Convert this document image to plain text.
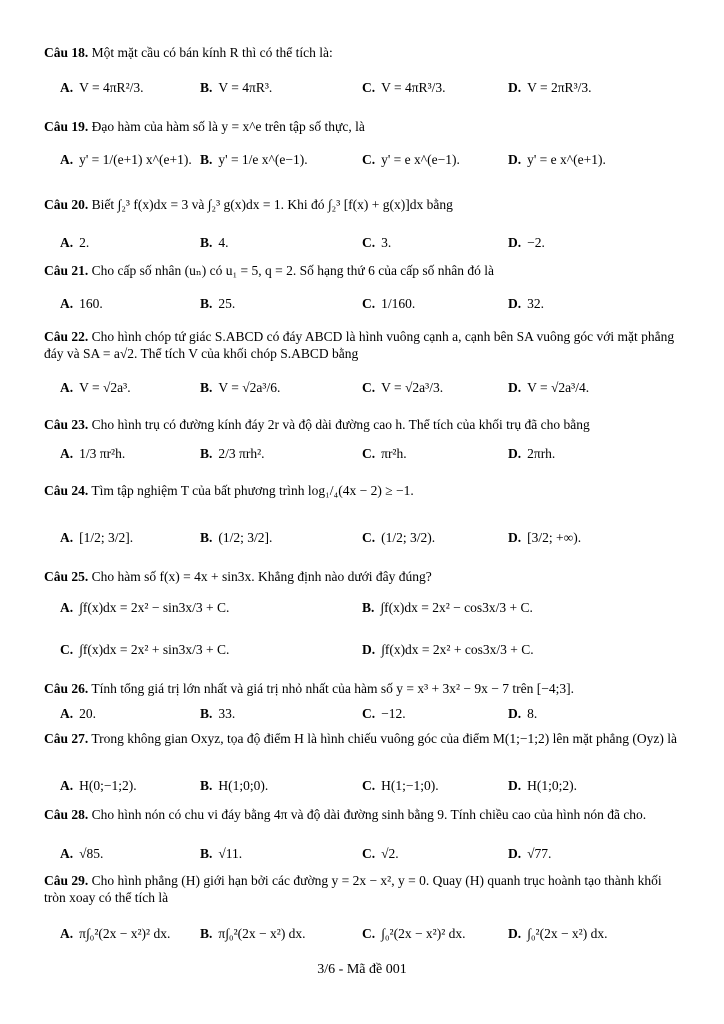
Câu 18. Một mặt cầu có bán kính R thì có thể tích là:
A. V = 4πR²/3.	B. V = 4πR³.	C. V = 4πR³/3.	D. V = 2πR³/3.
Câu 19. Đạo hàm của hàm số là y = x^e trên tập số thực, là
A. y' = 1/(e+1) x^(e+1). B. y' = 1/e x^(e−1).	C. y' = e x^(e−1).	D. y' = e x^(e+1).
Câu 20. Biết ∫₂³ f(x)dx = 3 và ∫₂³ g(x)dx = 1. Khi đó ∫₂³ [f(x) + g(x)]dx bằng
A. 2.	B. 4.	C. 3.	D. −2.
Câu 21. Cho cấp số nhân (uₙ) có u₁ = 5, q = 2. Số hạng thứ 6 của cấp số nhân đó là
A. 160.	B. 25.	C. 1/160.	D. 32.
Câu 22. Cho hình chóp tứ giác S.ABCD có đáy ABCD là hình vuông cạnh a, cạnh bên SA vuông góc với mặt phẳng đáy và SA = a√2. Thể tích V của khối chóp S.ABCD bằng
A. V = √2a³.	B. V = √2a³/6.	C. V = √2a³/3.	D. V = √2a³/4.
Câu 23. Cho hình trụ có đường kính đáy 2r và độ dài đường cao h. Thể tích của khối trụ đã cho bằng
A. 1/3 πr²h.	B. 2/3 πrh².	C. πr²h.	D. 2πrh.
Câu 24. Tìm tập nghiệm T của bất phương trình log₁/₄(4x − 2) ≥ −1.
A. [1/2; 3/2].	B. (1/2; 3/2].	C. (1/2; 3/2).	D. [3/2; +∞).
Câu 25. Cho hàm số f(x) = 4x + sin3x. Khẳng định nào dưới đây đúng?
A. ∫f(x)dx = 2x² − sin3x/3 + C.	B. ∫f(x)dx = 2x² − cos3x/3 + C.
C. ∫f(x)dx = 2x² + sin3x/3 + C.	D. ∫f(x)dx = 2x² + cos3x/3 + C.
Câu 26. Tính tổng giá trị lớn nhất và giá trị nhỏ nhất của hàm số y = x³ + 3x² − 9x − 7 trên [−4;3].
A. 20.	B. 33.	C. −12.	D. 8.
Câu 27. Trong không gian Oxyz, tọa độ điểm H là hình chiếu vuông góc của điểm M(1;−1;2) lên mặt phẳng (Oyz) là
A. H(0;−1;2).	B. H(1;0;0).	C. H(1;−1;0).	D. H(1;0;2).
Câu 28. Cho hình nón có chu vi đáy bằng 4π và độ dài đường sinh bằng 9. Tính chiều cao của hình nón đã cho.
A. √85.	B. √11.	C. √2.	D. √77.
Câu 29. Cho hình phẳng (H) giới hạn bởi các đường y = 2x − x², y = 0. Quay (H) quanh trục hoành tạo thành khối tròn xoay có thể tích là
A. π∫₀²(2x − x²)² dx. B. π∫₀²(2x − x²) dx.	C. ∫₀²(2x − x²)² dx.	D. ∫₀²(2x − x²) dx.
3/6 - Mã đề 001
